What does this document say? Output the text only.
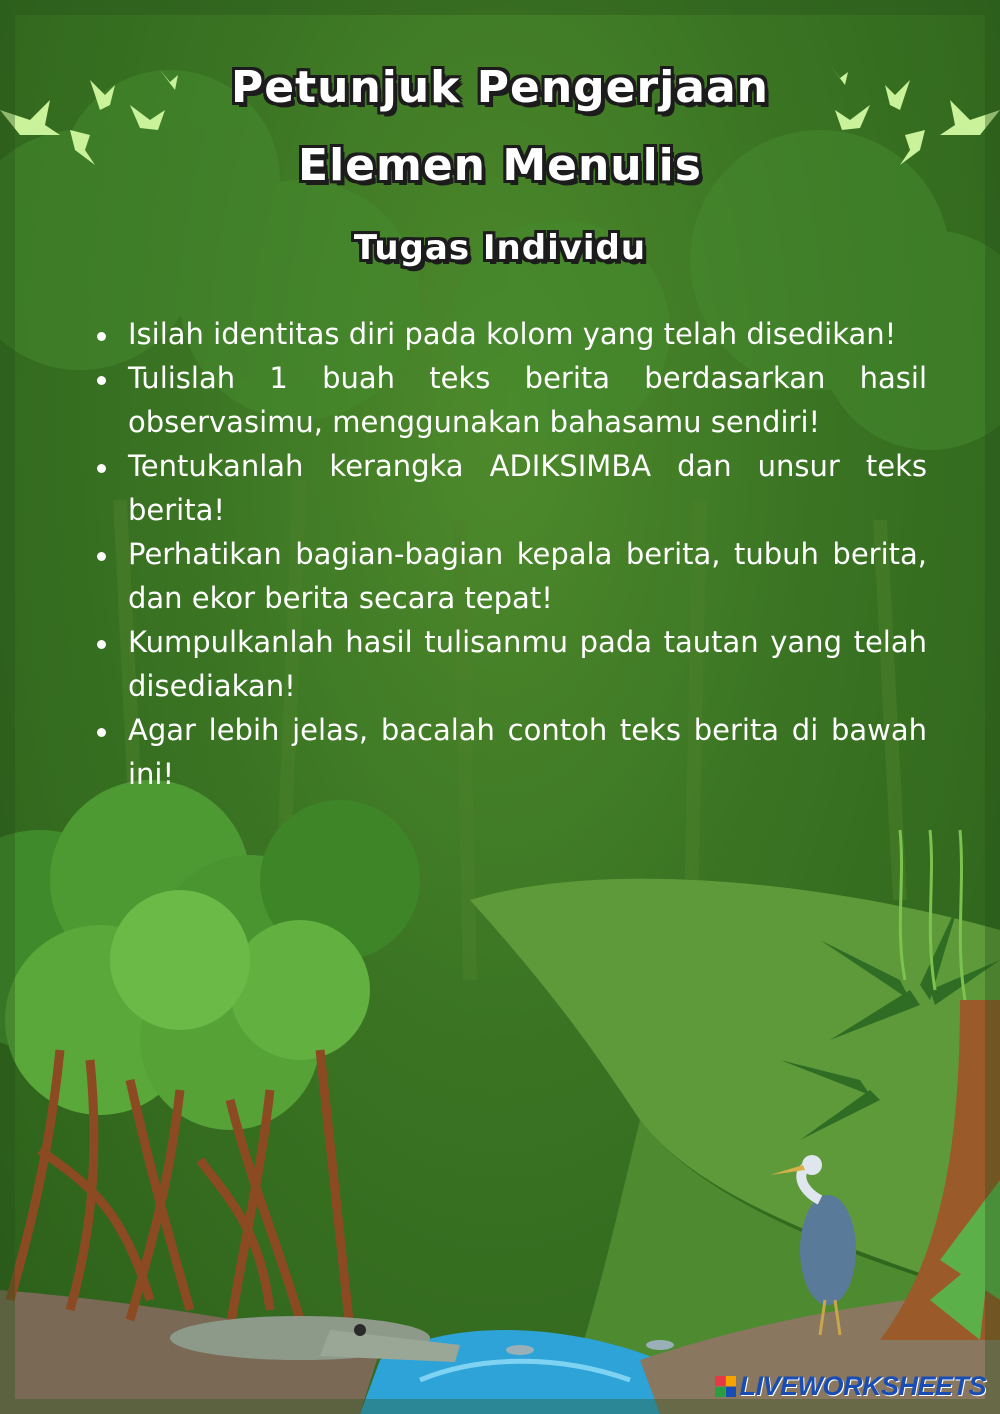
Petunjuk Pengerjaan
Elemen Menulis
Tugas Individu
Isilah identitas diri pada kolom yang telah disedikan!
Tulislah 1 buah teks berita berdasarkan hasil observasimu, menggunakan bahasamu sendiri!
Tentukanlah kerangka ADIKSIMBA dan unsur teks berita!
Perhatikan bagian-bagian kepala berita, tubuh berita, dan ekor berita secara tepat!
Kumpulkanlah hasil tulisanmu pada tautan yang telah disediakan!
Agar lebih jelas, bacalah contoh teks berita di bawah ini!
LIVEWORKSHEETS
